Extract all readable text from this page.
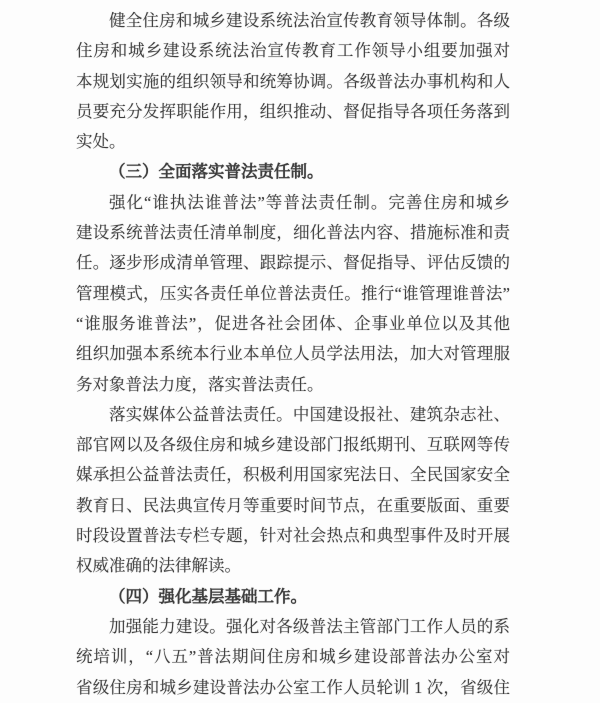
健全住房和城乡建设系统法治宣传教育领导体制。各级
住房和城乡建设系统法治宣传教育工作领导小组要加强对
本规划实施的组织领导和统筹协调。各级普法办事机构和人
员要充分发挥职能作用，组织推动、督促指导各项任务落到
实处。
（三）全面落实普法责任制。
强化“谁执法谁普法”等普法责任制。完善住房和城乡
建设系统普法责任清单制度，细化普法内容、措施标准和责
任。逐步形成清单管理、跟踪提示、督促指导、评估反馈的
管理模式，压实各责任单位普法责任。推行“谁管理谁普法”
“谁服务谁普法”，促进各社会团体、企事业单位以及其他
组织加强本系统本行业本单位人员学法用法，加大对管理服
务对象普法力度，落实普法责任。
落实媒体公益普法责任。中国建设报社、建筑杂志社、
部官网以及各级住房和城乡建设部门报纸期刊、互联网等传
媒承担公益普法责任，积极利用国家宪法日、全民国家安全
教育日、民法典宣传月等重要时间节点，在重要版面、重要
时段设置普法专栏专题，针对社会热点和典型事件及时开展
权威准确的法律解读。
（四）强化基层基础工作。
加强能力建设。强化对各级普法主管部门工作人员的系
统培训，“八五”普法期间住房和城乡建设部普法办公室对
省级住房和城乡建设普法办公室工作人员轮训 1 次，省级住
